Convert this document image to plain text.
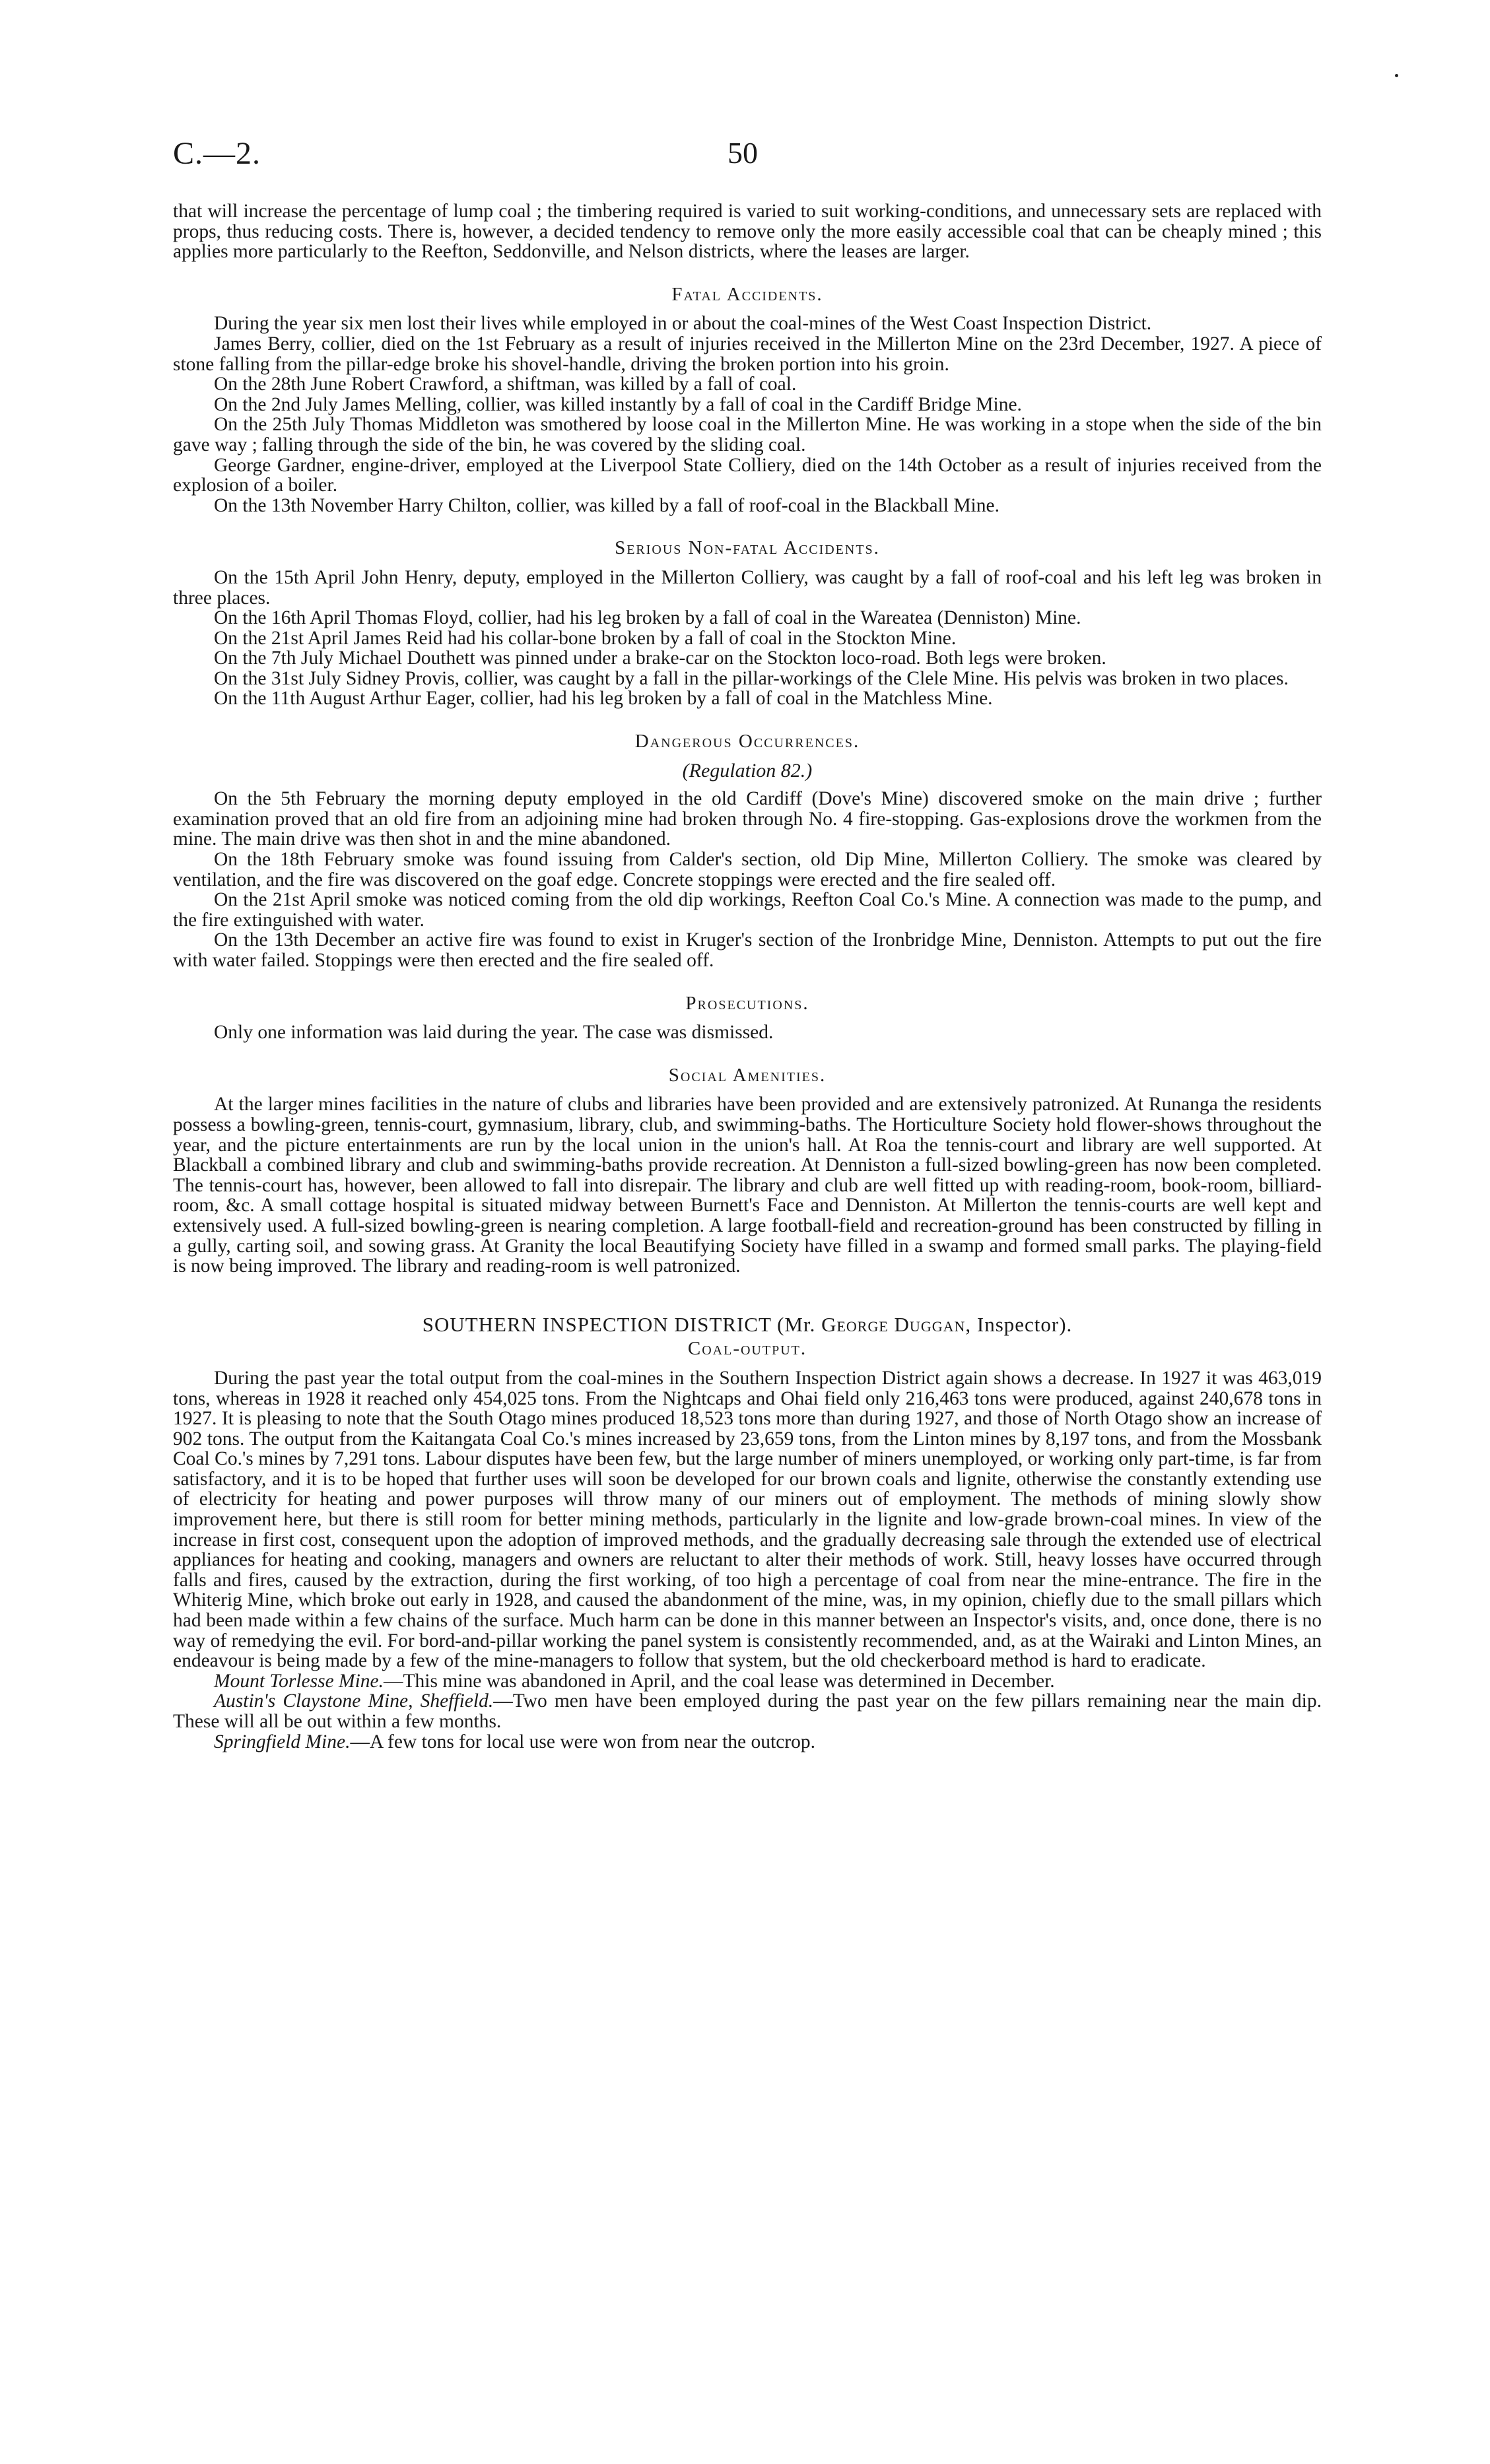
C.—2.	50

that will increase the percentage of lump coal ; the timbering required is varied to suit working-conditions, and unnecessary sets are replaced with props, thus reducing costs. There is, however, a decided tendency to remove only the more easily accessible coal that can be cheaply mined ; this applies more particularly to the Reefton, Seddonville, and Nelson districts, where the leases are larger.

Fatal Accidents.

During the year six men lost their lives while employed in or about the coal-mines of the West Coast Inspection District.

James Berry, collier, died on the 1st February as a result of injuries received in the Millerton Mine on the 23rd December, 1927. A piece of stone falling from the pillar-edge broke his shovel-handle, driving the broken portion into his groin.

On the 28th June Robert Crawford, a shiftman, was killed by a fall of coal.

On the 2nd July James Melling, collier, was killed instantly by a fall of coal in the Cardiff Bridge Mine.

On the 25th July Thomas Middleton was smothered by loose coal in the Millerton Mine. He was working in a stope when the side of the bin gave way ; falling through the side of the bin, he was covered by the sliding coal.

George Gardner, engine-driver, employed at the Liverpool State Colliery, died on the 14th October as a result of injuries received from the explosion of a boiler.

On the 13th November Harry Chilton, collier, was killed by a fall of roof-coal in the Blackball Mine.

Serious Non-fatal Accidents.

On the 15th April John Henry, deputy, employed in the Millerton Colliery, was caught by a fall of roof-coal and his left leg was broken in three places.

On the 16th April Thomas Floyd, collier, had his leg broken by a fall of coal in the Wareatea (Denniston) Mine.

On the 21st April James Reid had his collar-bone broken by a fall of coal in the Stockton Mine.

On the 7th July Michael Douthett was pinned under a brake-car on the Stockton loco-road. Both legs were broken.

On the 31st July Sidney Provis, collier, was caught by a fall in the pillar-workings of the Clele Mine. His pelvis was broken in two places.

On the 11th August Arthur Eager, collier, had his leg broken by a fall of coal in the Matchless Mine.

Dangerous Occurrences.
(Regulation 82.)

On the 5th February the morning deputy employed in the old Cardiff (Dove's Mine) discovered smoke on the main drive ; further examination proved that an old fire from an adjoining mine had broken through No. 4 fire-stopping. Gas-explosions drove the workmen from the mine. The main drive was then shot in and the mine abandoned.

On the 18th February smoke was found issuing from Calder's section, old Dip Mine, Millerton Colliery. The smoke was cleared by ventilation, and the fire was discovered on the goaf edge. Concrete stoppings were erected and the fire sealed off.

On the 21st April smoke was noticed coming from the old dip workings, Reefton Coal Co.'s Mine. A connection was made to the pump, and the fire extinguished with water.

On the 13th December an active fire was found to exist in Kruger's section of the Ironbridge Mine, Denniston. Attempts to put out the fire with water failed. Stoppings were then erected and the fire sealed off.

Prosecutions.

Only one information was laid during the year. The case was dismissed.

Social Amenities.

At the larger mines facilities in the nature of clubs and libraries have been provided and are extensively patronized. At Runanga the residents possess a bowling-green, tennis-court, gymnasium, library, club, and swimming-baths. The Horticulture Society hold flower-shows throughout the year, and the picture entertainments are run by the local union in the union's hall. At Roa the tennis-court and library are well supported. At Blackball a combined library and club and swimming-baths provide recreation. At Denniston a full-sized bowling-green has now been completed. The tennis-court has, however, been allowed to fall into disrepair. The library and club are well fitted up with reading-room, book-room, billiard-room, &c. A small cottage hospital is situated midway between Burnett's Face and Denniston. At Millerton the tennis-courts are well kept and extensively used. A full-sized bowling-green is nearing completion. A large football-field and recreation-ground has been constructed by filling in a gully, carting soil, and sowing grass. At Granity the local Beautifying Society have filled in a swamp and formed small parks. The playing-field is now being improved. The library and reading-room is well patronized.

SOUTHERN INSPECTION DISTRICT (Mr. George Duggan, Inspector).
Coal-output.

During the past year the total output from the coal-mines in the Southern Inspection District again shows a decrease. In 1927 it was 463,019 tons, whereas in 1928 it reached only 454,025 tons. From the Nightcaps and Ohai field only 216,463 tons were produced, against 240,678 tons in 1927. It is pleasing to note that the South Otago mines produced 18,523 tons more than during 1927, and those of North Otago show an increase of 902 tons. The output from the Kaitangata Coal Co.'s mines increased by 23,659 tons, from the Linton mines by 8,197 tons, and from the Mossbank Coal Co.'s mines by 7,291 tons. Labour disputes have been few, but the large number of miners unemployed, or working only part-time, is far from satisfactory, and it is to be hoped that further uses will soon be developed for our brown coals and lignite, otherwise the constantly extending use of electricity for heating and power purposes will throw many of our miners out of employment. The methods of mining slowly show improvement here, but there is still room for better mining methods, particularly in the lignite and low-grade brown-coal mines. In view of the increase in first cost, consequent upon the adoption of improved methods, and the gradually decreasing sale through the extended use of electrical appliances for heating and cooking, managers and owners are reluctant to alter their methods of work. Still, heavy losses have occurred through falls and fires, caused by the extraction, during the first working, of too high a percentage of coal from near the mine-entrance. The fire in the Whiterig Mine, which broke out early in 1928, and caused the abandonment of the mine, was, in my opinion, chiefly due to the small pillars which had been made within a few chains of the surface. Much harm can be done in this manner between an Inspector's visits, and, once done, there is no way of remedying the evil. For bord-and-pillar working the panel system is consistently recommended, and, as at the Wairaki and Linton Mines, an endeavour is being made by a few of the mine-managers to follow that system, but the old checkerboard method is hard to eradicate.

Mount Torlesse Mine.—This mine was abandoned in April, and the coal lease was determined in December.

Austin's Claystone Mine, Sheffield.—Two men have been employed during the past year on the few pillars remaining near the main dip. These will all be out within a few months.

Springfield Mine.—A few tons for local use were won from near the outcrop.
